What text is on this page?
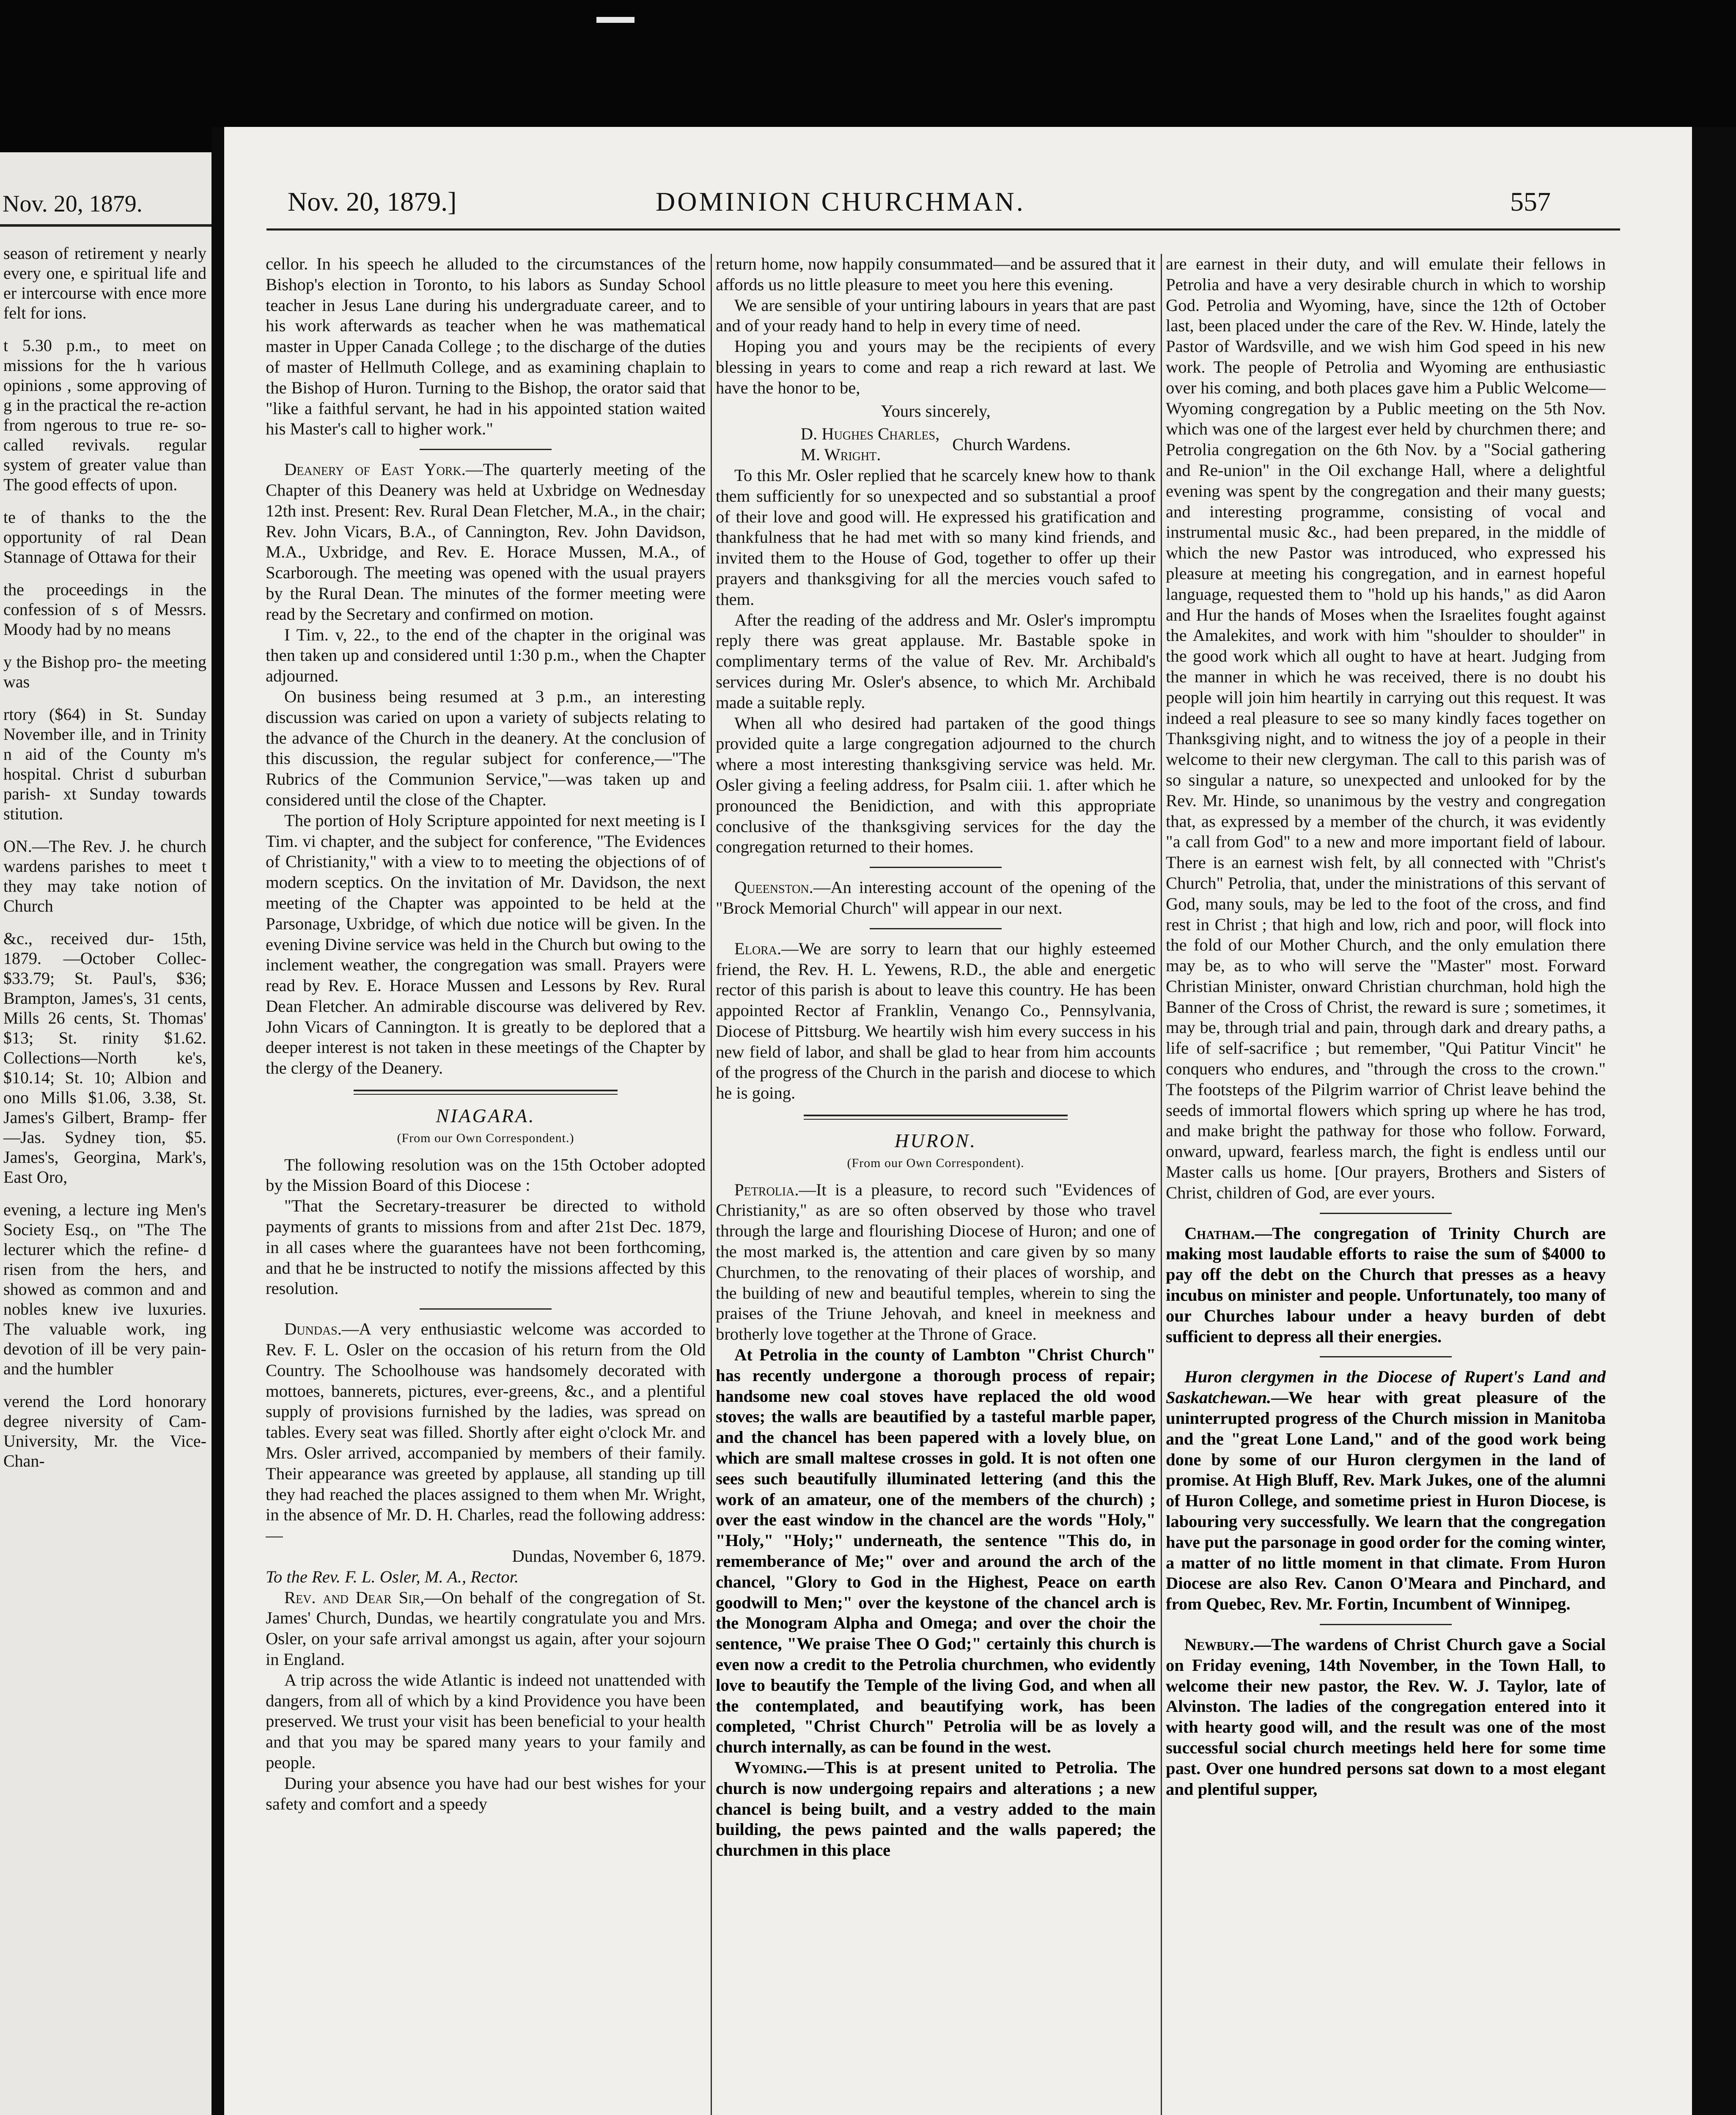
Nov. 20, 1879.

season of retirement y nearly every one, e spiritual life and er intercourse with ence more felt for ions.

t 5.30 p.m., to meet on missions for the h various opinions , some approving of g in the practical the re-action from ngerous to true re- so-called revivals. regular system of greater value than The good effects of upon.

te of thanks to the the opportunity of ral Dean Stannage of Ottawa for their

the proceedings in the confession of s of Messrs. Moody had by no means

y the Bishop pro- the meeting was

rtory ($64) in St. Sunday November ille, and in Trinity n aid of the County m's hospital. Christ d suburban parish- xt Sunday towards stitution.

ON.—The Rev. J. he church wardens parishes to meet t they may take notion of Church

&c., received dur- 15th, 1879. —October Collec- $33.79; St. Paul's, $36; Brampton, James's, 31 cents, Mills 26 cents, St. Thomas' $13; St. rinity $1.62. Collections—North ke's, $10.14; St. 10; Albion and ono Mills $1.06, 3.38, St. James's Gilbert, Bramp- ffer—Jas. Sydney tion, $5. James's, Georgina, Mark's, East Oro,

evening, a lecture ing Men's Society Esq., on "The The lecturer which the refine- d risen from the hers, and showed as common and and nobles knew ive luxuries. The valuable work, ing devotion of ill be very pain- and the humbler

verend the Lord honorary degree niversity of Cam- University, Mr. the Vice-Chan-

Nov. 20, 1879.]	DOMINION CHURCHMAN.	557

cellor. In his speech he alluded to the circumstances of the Bishop's election in Toronto, to his labors as Sunday School teacher in Jesus Lane during his undergraduate career, and to his work afterwards as teacher when he was mathematical master in Upper Canada College ; to the discharge of the duties of master of Hellmuth College, and as examining chaplain to the Bishop of Huron. Turning to the Bishop, the orator said that "like a faithful servant, he had in his appointed station waited his Master's call to higher work."

Deanery of East York.—The quarterly meeting of the Chapter of this Deanery was held at Uxbridge on Wednesday 12th inst. Present: Rev. Rural Dean Fletcher, M.A., in the chair; Rev. John Vicars, B.A., of Cannington, Rev. John Davidson, M.A., Uxbridge, and Rev. E. Horace Mussen, M.A., of Scarborough. The meeting was opened with the usual prayers by the Rural Dean. The minutes of the former meeting were read by the Secretary and confirmed on motion.

I Tim. v, 22., to the end of the chapter in the original was then taken up and considered until 1:30 p.m., when the Chapter adjourned.

On business being resumed at 3 p.m., an interesting discussion was caried on upon a variety of subjects relating to the advance of the Church in the deanery. At the conclusion of this discussion, the regular subject for conference,—"The Rubrics of the Communion Service,"—was taken up and considered until the close of the Chapter.

The portion of Holy Scripture appointed for next meeting is I Tim. vi chapter, and the subject for conference, "The Evidences of Christianity," with a view to to meeting the objections of of modern sceptics. On the invitation of Mr. Davidson, the next meeting of the Chapter was appointed to be held at the Parsonage, Uxbridge, of which due notice will be given. In the evening Divine service was held in the Church but owing to the inclement weather, the congregation was small. Prayers were read by Rev. E. Horace Mussen and Lessons by Rev. Rural Dean Fletcher. An admirable discourse was delivered by Rev. John Vicars of Cannington. It is greatly to be deplored that a deeper interest is not taken in these meetings of the Chapter by the clergy of the Deanery.

NIAGARA.
(From our Own Correspondent.)

The following resolution was on the 15th October adopted by the Mission Board of this Diocese :

"That the Secretary-treasurer be directed to withold payments of grants to missions from and after 21st Dec. 1879, in all cases where the guarantees have not been forthcoming, and that he be instructed to notify the missions affected by this resolution.

Dundas.—A very enthusiastic welcome was accorded to Rev. F. L. Osler on the occasion of his return from the Old Country. The Schoolhouse was handsomely decorated with mottoes, bannerets, pictures, ever-greens, &c., and a plentiful supply of provisions furnished by the ladies, was spread on tables. Every seat was filled. Shortly after eight o'clock Mr. and Mrs. Osler arrived, accompanied by members of their family. Their appearance was greeted by applause, all standing up till they had reached the places assigned to them when Mr. Wright, in the absence of Mr. D. H. Charles, read the following address:—

Dundas, November 6, 1879.

To the Rev. F. L. Osler, M. A., Rector.

Rev. and Dear Sir,—On behalf of the congregation of St. James' Church, Dundas, we heartily congratulate you and Mrs. Osler, on your safe arrival amongst us again, after your sojourn in England.

A trip across the wide Atlantic is indeed not unattended with dangers, from all of which by a kind Providence you have been preserved. We trust your visit has been beneficial to your health and that you may be spared many years to your family and people.

During your absence you have had our best wishes for your safety and comfort and a speedy

return home, now happily consummated—and be assured that it affords us no little pleasure to meet you here this evening.

We are sensible of your untiring labours in years that are past and of your ready hand to help in every time of need.

Hoping you and yours may be the recipients of every blessing in years to come and reap a rich reward at last. We have the honor to be,

Yours sincerely,
D. Hughes Charles,
M. Wright.
Church Wardens.

To this Mr. Osler replied that he scarcely knew how to thank them sufficiently for so unexpected and so substantial a proof of their love and good will. He expressed his gratification and thankfulness that he had met with so many kind friends, and invited them to the House of God, together to offer up their prayers and thanksgiving for all the mercies vouch safed to them.

After the reading of the address and Mr. Osler's impromptu reply there was great applause. Mr. Bastable spoke in complimentary terms of the value of Rev. Mr. Archibald's services during Mr. Osler's absence, to which Mr. Archibald made a suitable reply.

When all who desired had partaken of the good things provided quite a large congregation adjourned to the church where a most interesting thanksgiving service was held. Mr. Osler giving a feeling address, for Psalm ciii. 1. after which he pronounced the Benidiction, and with this appropriate conclusive of the thanksgiving services for the day the congregation returned to their homes.

Queenston.—An interesting account of the opening of the "Brock Memorial Church" will appear in our next.

Elora.—We are sorry to learn that our highly esteemed friend, the Rev. H. L. Yewens, R.D., the able and energetic rector of this parish is about to leave this country. He has been appointed Rector af Franklin, Venango Co., Pennsylvania, Diocese of Pittsburg. We heartily wish him every success in his new field of labor, and shall be glad to hear from him accounts of the progress of the Church in the parish and diocese to which he is going.

HURON.
(From our Own Correspondent).

Petrolia.—It is a pleasure, to record such "Evidences of Christianity," as are so often observed by those who travel through the large and flourishing Diocese of Huron; and one of the most marked is, the attention and care given by so many Churchmen, to the renovating of their places of worship, and the building of new and beautiful temples, wherein to sing the praises of the Triune Jehovah, and kneel in meekness and brotherly love together at the Throne of Grace.

At Petrolia in the county of Lambton "Christ Church" has recently undergone a thorough process of repair; handsome new coal stoves have replaced the old wood stoves; the walls are beautified by a tasteful marble paper, and the chancel has been papered with a lovely blue, on which are small maltese crosses in gold. It is not often one sees such beautifully illuminated lettering (and this the work of an amateur, one of the members of the church) ; over the east window in the chancel are the words "Holy," "Holy," "Holy;" underneath, the sentence "This do, in rememberance of Me;" over and around the arch of the chancel, "Glory to God in the Highest, Peace on earth goodwill to Men;" over the keystone of the chancel arch is the Monogram Alpha and Omega; and over the choir the sentence, "We praise Thee O God;" certainly this church is even now a credit to the Petrolia churchmen, who evidently love to beautify the Temple of the living God, and when all the contemplated, and beautifying work, has been completed, "Christ Church" Petrolia will be as lovely a church internally, as can be found in the west.

Wyoming.—This is at present united to Petrolia. The church is now undergoing repairs and alterations ; a new chancel is being built, and a vestry added to the main building, the pews painted and the walls papered; the churchmen in this place

are earnest in their duty, and will emulate their fellows in Petrolia and have a very desirable church in which to worship God. Petrolia and Wyoming, have, since the 12th of October last, been placed under the care of the Rev. W. Hinde, lately the Pastor of Wardsville, and we wish him God speed in his new work. The people of Petrolia and Wyoming are enthusiastic over his coming, and both places gave him a Public Welcome—Wyoming congregation by a Public meeting on the 5th Nov. which was one of the largest ever held by churchmen there; and Petrolia congregation on the 6th Nov. by a "Social gathering and Re-union" in the Oil exchange Hall, where a delightful evening was spent by the congregation and their many guests; and interesting programme, consisting of vocal and instrumental music &c., had been prepared, in the middle of which the new Pastor was introduced, who expressed his pleasure at meeting his congregation, and in earnest hopeful language, requested them to "hold up his hands," as did Aaron and Hur the hands of Moses when the Israelites fought against the Amalekites, and work with him "shoulder to shoulder" in the good work which all ought to have at heart. Judging from the manner in which he was received, there is no doubt his people will join him heartily in carrying out this request. It was indeed a real pleasure to see so many kindly faces together on Thanksgiving night, and to witness the joy of a people in their welcome to their new clergyman. The call to this parish was of so singular a nature, so unexpected and unlooked for by the Rev. Mr. Hinde, so unanimous by the vestry and congregation that, as expressed by a member of the church, it was evidently "a call from God" to a new and more important field of labour. There is an earnest wish felt, by all connected with "Christ's Church" Petrolia, that, under the ministrations of this servant of God, many souls, may be led to the foot of the cross, and find rest in Christ ; that high and low, rich and poor, will flock into the fold of our Mother Church, and the only emulation there may be, as to who will serve the "Master" most. Forward Christian Minister, onward Christian churchman, hold high the Banner of the Cross of Christ, the reward is sure ; sometimes, it may be, through trial and pain, through dark and dreary paths, a life of self-sacrifice ; but remember, "Qui Patitur Vincit" he conquers who endures, and "through the cross to the crown." The footsteps of the Pilgrim warrior of Christ leave behind the seeds of immortal flowers which spring up where he has trod, and make bright the pathway for those who follow. Forward, onward, upward, fearless march, the fight is endless until our Master calls us home. [Our prayers, Brothers and Sisters of Christ, children of God, are ever yours.

Chatham.—The congregation of Trinity Church are making most laudable efforts to raise the sum of $4000 to pay off the debt on the Church that presses as a heavy incubus on minister and people. Unfortunately, too many of our Churches labour under a heavy burden of debt sufficient to depress all their energies.

Huron clergymen in the Diocese of Rupert's Land and Saskatchewan.—We hear with great pleasure of the uninterrupted progress of the Church mission in Manitoba and the "great Lone Land," and of the good work being done by some of our Huron clergymen in the land of promise. At High Bluff, Rev. Mark Jukes, one of the alumni of Huron College, and sometime priest in Huron Diocese, is labouring very successfully. We learn that the congregation have put the parsonage in good order for the coming winter, a matter of no little moment in that climate. From Huron Diocese are also Rev. Canon O'Meara and Pinchard, and from Quebec, Rev. Mr. Fortin, Incumbent of Winnipeg.

Newbury.—The wardens of Christ Church gave a Social on Friday evening, 14th November, in the Town Hall, to welcome their new pastor, the Rev. W. J. Taylor, late of Alvinston. The ladies of the congregation entered into it with hearty good will, and the result was one of the most successful social church meetings held here for some time past. Over one hundred persons sat down to a most elegant and plentiful supper,
